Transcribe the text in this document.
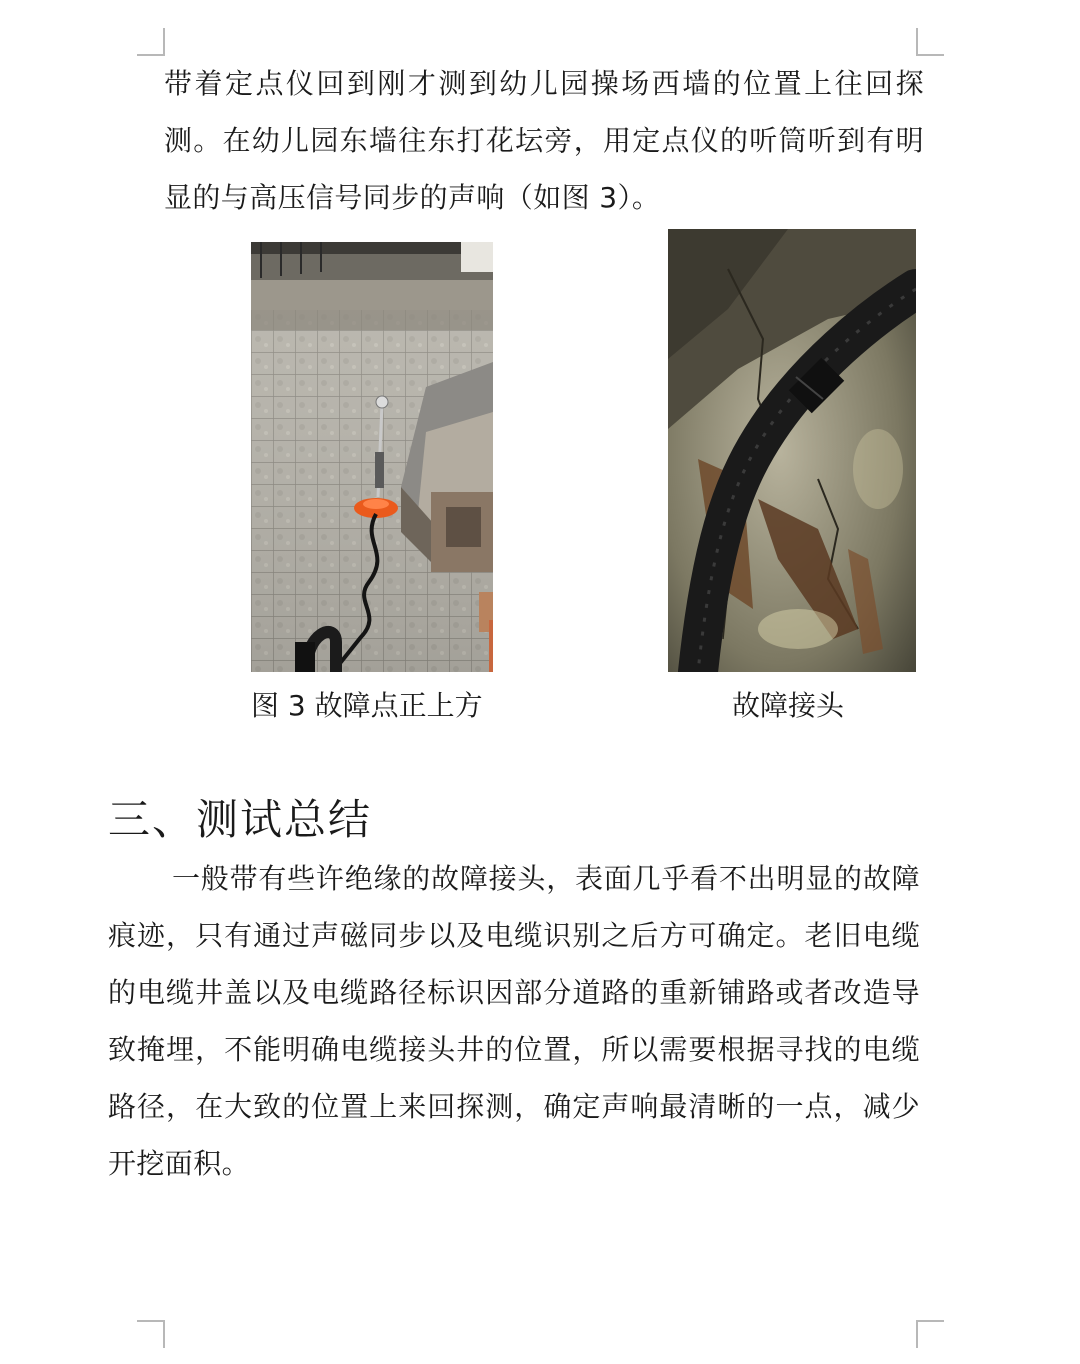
带着定点仪回到刚才测到幼儿园操场西墙的位置上往回探测。在幼儿园东墙往东打花坛旁，用定点仪的听筒听到有明显的与高压信号同步的声响（如图 3）。

图 3 故障点正上方	故障接头

三、测试总结

一般带有些许绝缘的故障接头，表面几乎看不出明显的故障痕迹，只有通过声磁同步以及电缆识别之后方可确定。老旧电缆的电缆井盖以及电缆路径标识因部分道路的重新铺路或者改造导致掩埋，不能明确电缆接头井的位置，所以需要根据寻找的电缆路径，在大致的位置上来回探测，确定声响最清晰的一点，减少开挖面积。
